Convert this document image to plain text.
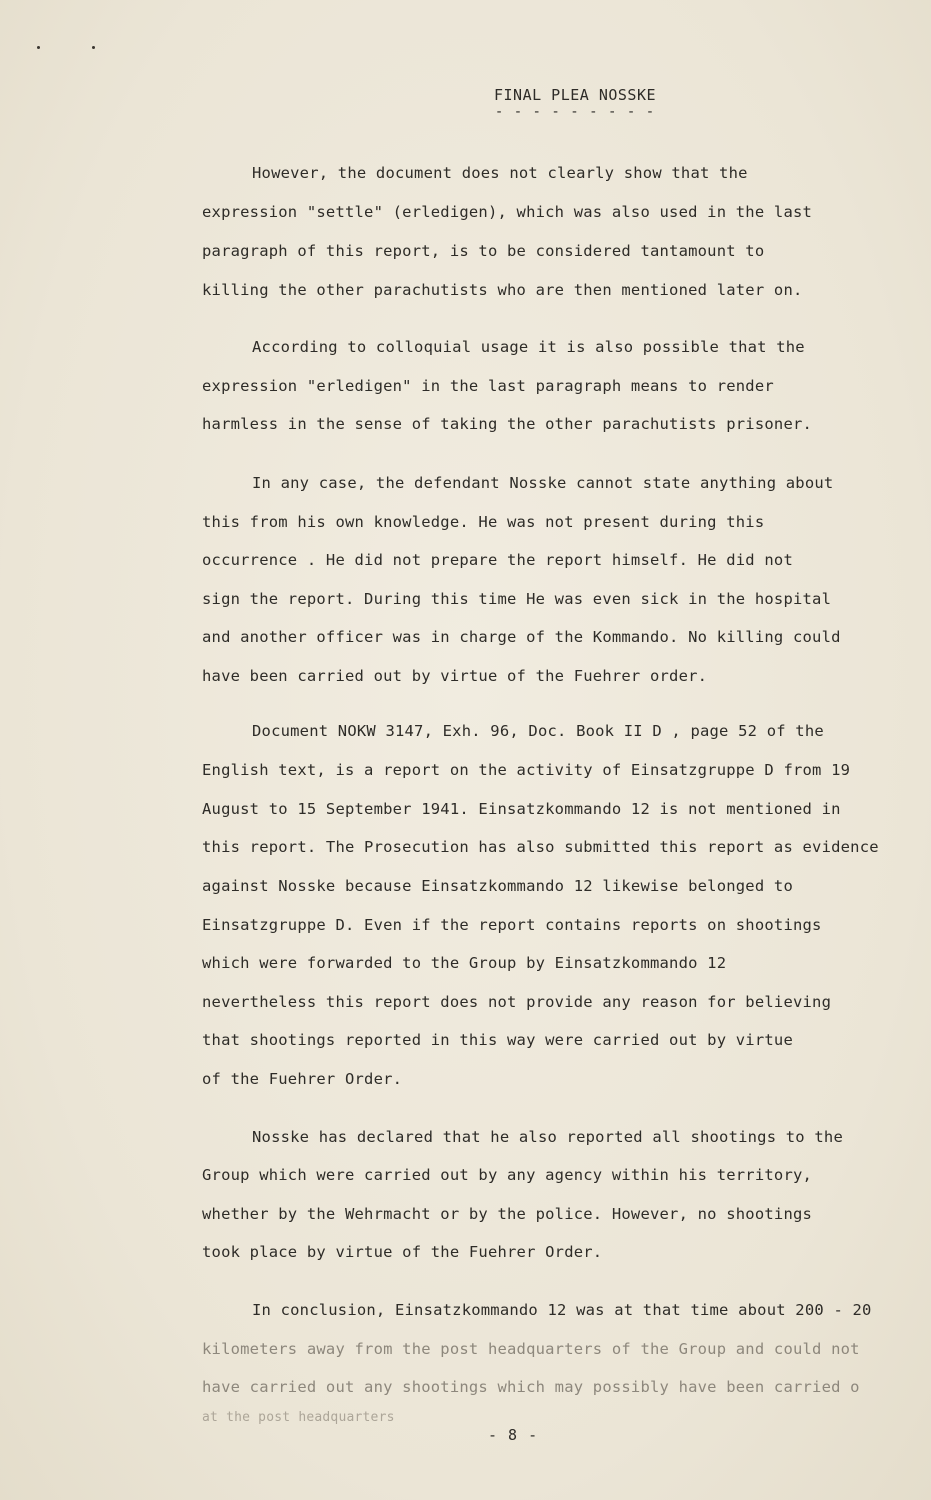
FINAL PLEA NOSSKE
- - - - - - - - -
However, the document does not clearly show that the
expression "settle" (erledigen), which was also used in the last
paragraph of this report, is to be considered tantamount to
killing the other parachutists who are then mentioned later on.
According to colloquial usage it is also possible that the
expression "erledigen" in the last paragraph means to render
harmless in the sense of taking the other parachutists prisoner.
In any case, the defendant Nosske cannot state anything about
this from his own knowledge. He was not present during this
occurrence . He did not prepare the report himself. He did not
sign the report. During this time He was even sick in the hospital
and another officer was in charge of the Kommando. No killing could
have been carried out by virtue of the Fuehrer order.
Document NOKW 3147, Exh. 96, Doc. Book II D , page 52 of the
English text, is a report on the activity of Einsatzgruppe D from 19
August to 15 September 1941. Einsatzkommando 12 is not mentioned in
this report. The Prosecution has also submitted this report as evidence
against Nosske because Einsatzkommando 12 likewise belonged to
Einsatzgruppe D. Even if the report contains reports on shootings
which were forwarded to the Group by Einsatzkommando 12
nevertheless this report does not provide any reason for believing
that shootings reported in this way were carried out by virtue
of the Fuehrer Order.
Nosske has declared that he also reported all shootings to the
Group which were carried out by any agency within his territory,
whether by the Wehrmacht or by the police. However, no shootings
took place by virtue of the Fuehrer Order.
In conclusion, Einsatzkommando 12 was at that time about 200 - 20
kilometers away from the post headquarters of the Group and could not
have carried out any shootings which may possibly have been carried o
at the post headquarters
- 8 -
